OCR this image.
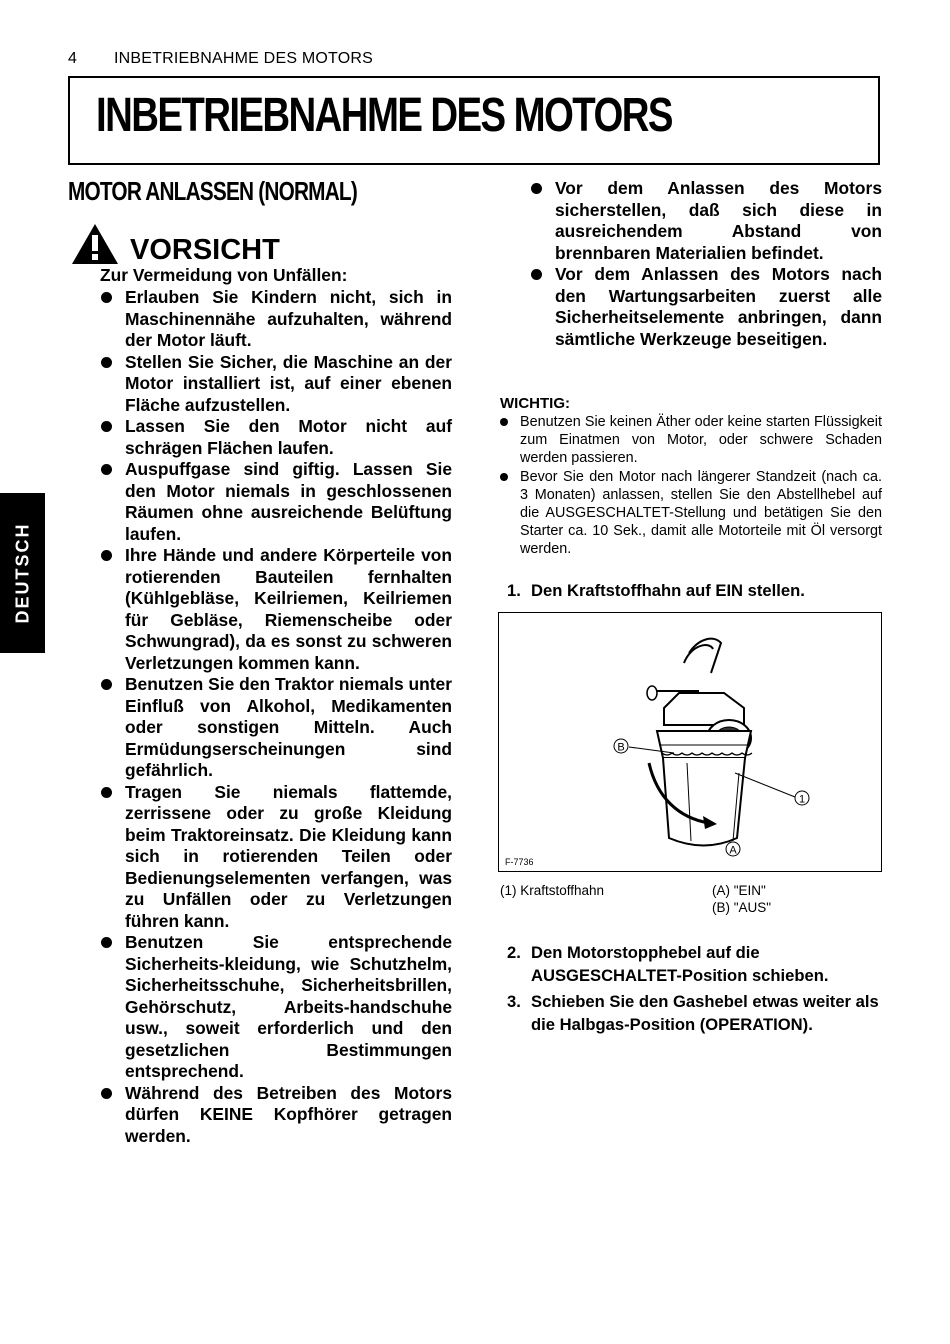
4 INBETRIEBNAHME DES MOTORS
INBETRIEBNAHME DES MOTORS
MOTOR ANLASSEN (NORMAL)
DEUTSCH
VORSICHT
Zur Vermeidung von Unfällen:
Erlauben Sie Kindern nicht, sich in Maschinennähe aufzuhalten, während der Motor läuft.
Stellen Sie Sicher, die Maschine an der Motor installiert ist, auf einer ebenen Fläche aufzustellen.
Lassen Sie den Motor nicht auf schrägen Flächen laufen.
Auspuffgase sind giftig. Lassen Sie den Motor niemals in geschlossenen Räumen ohne ausreichende Belüftung laufen.
Ihre Hände und andere Körperteile von rotierenden Bauteilen fernhalten (Kühlgebläse, Keilriemen, Keilriemen für Gebläse, Riemenscheibe oder Schwungrad), da es sonst zu schweren Verletzungen kommen kann.
Benutzen Sie den Traktor niemals unter Einfluß von Alkohol, Medikamenten oder sonstigen Mitteln. Auch Ermüdungserscheinungen sind gefährlich.
Tragen Sie niemals flattemde, zerrissene oder zu große Kleidung beim Traktoreinsatz. Die Kleidung kann sich in rotierenden Teilen oder Bedienungselementen verfangen, was zu Unfällen oder zu Verletzungen führen kann.
Benutzen Sie entsprechende Sicherheits-kleidung, wie Schutzhelm, Sicherheitsschuhe, Sicherheitsbrillen, Gehörschutz, Arbeits-handschuhe usw., soweit erforderlich und den gesetzlichen Bestimmungen entsprechend.
Während des Betreiben des Motors dürfen KEINE Kopfhörer getragen werden.
Vor dem Anlassen des Motors sicherstellen, daß sich diese in ausreichendem Abstand von brennbaren Materialien befindet.
Vor dem Anlassen des Motors nach den Wartungsarbeiten zuerst alle Sicherheitselemente anbringen, dann sämtliche Werkzeuge beseitigen.
WICHTIG:
Benutzen Sie keinen Äther oder keine starten Flüssigkeit zum Einatmen von Motor, oder schwere Schaden werden passieren.
Bevor Sie den Motor nach längerer Standzeit (nach ca. 3 Monaten) anlassen, stellen Sie den Abstellhebel auf die AUSGESCHALTET-Stellung und betätigen Sie den Starter ca. 10 Sek., damit alle Motorteile mit Öl versorgt werden.
1. Den Kraftstoffhahn auf EIN stellen.
B
1
A
F-7736
(1) Kraftstoffhahn	(A) "EIN"
(B) "AUS"
2. Den Motorstopphebel auf die AUSGESCHALTET-Position schieben.
3. Schieben Sie den Gashebel etwas weiter als die Halbgas-Position (OPERATION).
